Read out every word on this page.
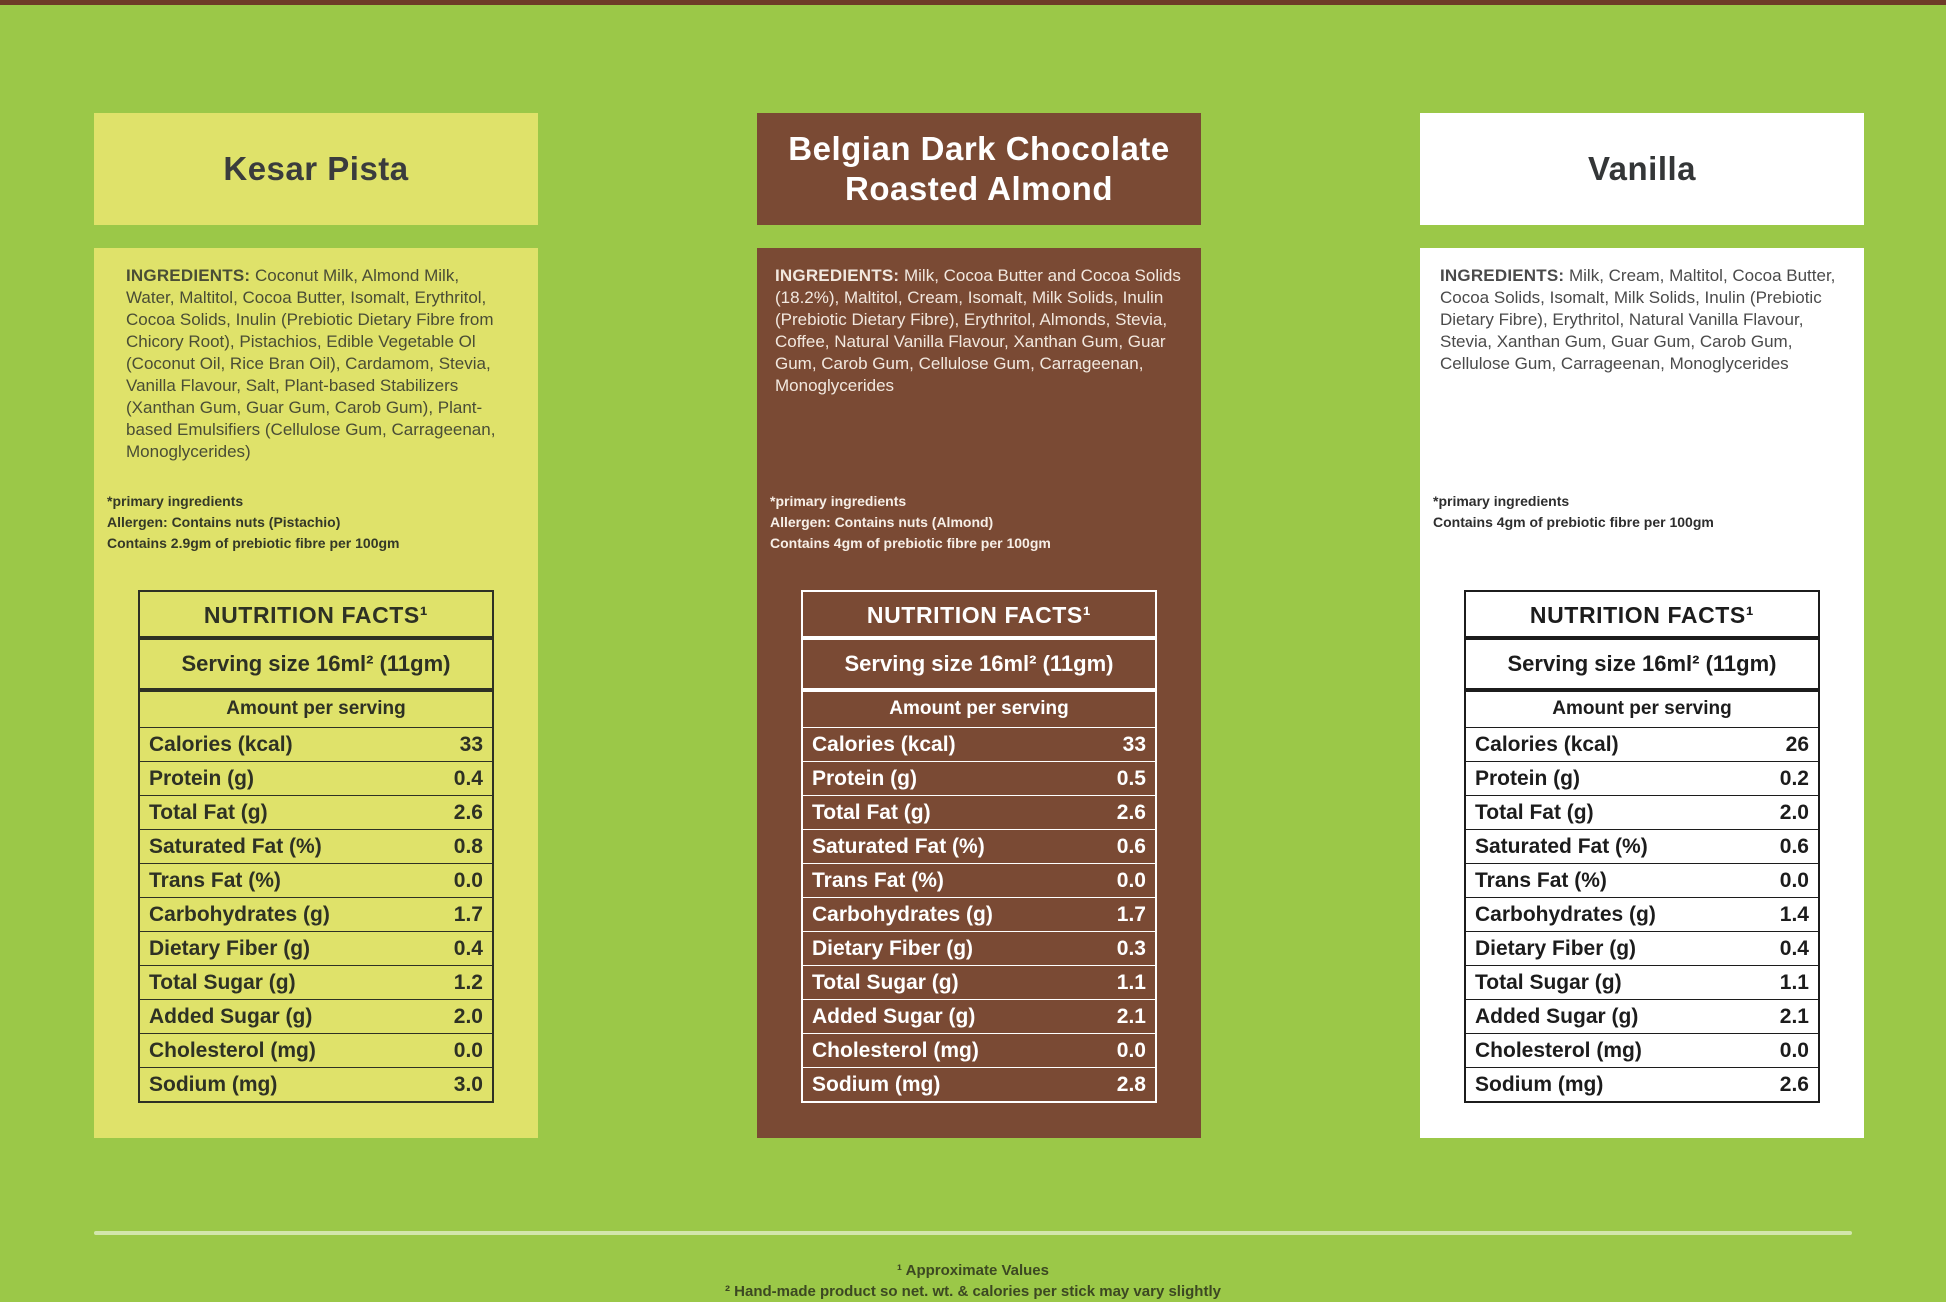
Kesar Pista

INGREDIENTS: Coconut Milk, Almond Milk, Water, Maltitol, Cocoa Butter, Isomalt, Erythritol, Cocoa Solids, Inulin (Prebiotic Dietary Fibre from Chicory Root), Pistachios, Edible Vegetable Ol (Coconut Oil, Rice Bran Oil), Cardamom, Stevia, Vanilla Flavour, Salt, Plant-based Stabilizers (Xanthan Gum, Guar Gum, Carob Gum), Plant-based Emulsifiers (Cellulose Gum, Carrageenan, Monoglycerides)

*primary ingredients
Allergen: Contains nuts (Pistachio)
Contains 2.9gm of prebiotic fibre per 100gm
NUTRITION FACTS¹
Serving size 16ml² (11gm)
Amount per serving
Calories (kcal)	33
Protein (g)	0.4
Total Fat (g)	2.6
Saturated Fat (%)	0.8
Trans Fat (%)	0.0
Carbohydrates (g)	1.7
Dietary Fiber (g)	0.4
Total Sugar (g)	1.2
Added Sugar (g)	2.0
Cholesterol (mg)	0.0
Sodium (mg)	3.0
Belgian Dark Chocolate Roasted Almond

INGREDIENTS: Milk, Cocoa Butter and Cocoa Solids (18.2%), Maltitol, Cream, Isomalt, Milk Solids, Inulin (Prebiotic Dietary Fibre), Erythritol, Almonds, Stevia, Coffee, Natural Vanilla Flavour, Xanthan Gum, Guar Gum, Carob Gum, Cellulose Gum, Carrageenan, Monoglycerides

*primary ingredients
Allergen: Contains nuts (Almond)
Contains 4gm of prebiotic fibre per 100gm
NUTRITION FACTS¹
Serving size 16ml² (11gm)
Amount per serving
Calories (kcal)	33
Protein (g)	0.5
Total Fat (g)	2.6
Saturated Fat (%)	0.6
Trans Fat (%)	0.0
Carbohydrates (g)	1.7
Dietary Fiber (g)	0.3
Total Sugar (g)	1.1
Added Sugar (g)	2.1
Cholesterol (mg)	0.0
Sodium (mg)	2.8
Vanilla

INGREDIENTS: Milk, Cream, Maltitol, Cocoa Butter, Cocoa Solids, Isomalt, Milk Solids, Inulin (Prebiotic Dietary Fibre), Erythritol, Natural Vanilla Flavour, Stevia, Xanthan Gum, Guar Gum, Carob Gum, Cellulose Gum, Carrageenan, Monoglycerides

*primary ingredients
Contains 4gm of prebiotic fibre per 100gm
NUTRITION FACTS¹
Serving size 16ml² (11gm)
Amount per serving
Calories (kcal)	26
Protein (g)	0.2
Total Fat (g)	2.0
Saturated Fat (%)	0.6
Trans Fat (%)	0.0
Carbohydrates (g)	1.4
Dietary Fiber (g)	0.4
Total Sugar (g)	1.1
Added Sugar (g)	2.1
Cholesterol (mg)	0.0
Sodium (mg)	2.6

¹ Approximate Values

² Hand-made product so net. wt. & calories per stick may vary slightly
